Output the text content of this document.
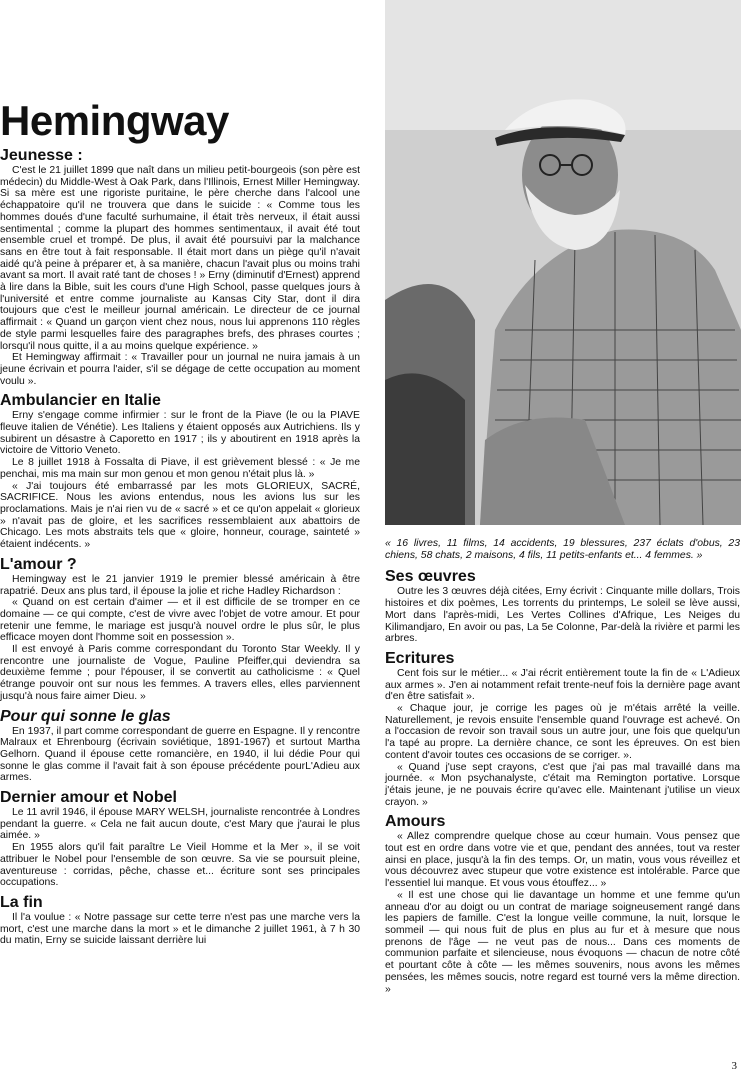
Hemingway
Jeunesse :

C'est le 21 juillet 1899 que naît dans un milieu petit-bourgeois (son père est médecin) du Middle-West à Oak Park, dans l'Illinois, Ernest Miller Hemingway. Si sa mère est une rigoriste puritaine, le père cherche dans l'alcool une échappatoire qu'il ne trouvera que dans le suicide : « Comme tous les hommes doués d'une faculté surhumaine, il était très nerveux, il était aussi sentimental ; comme la plupart des hommes sentimentaux, il avait été tout ensemble cruel et trompé. De plus, il avait été poursuivi par la malchance sans en être tout à fait responsable. Il était mort dans un piège qu'il n'avait aidé qu'à peine à préparer et, à sa manière, chacun l'avait plus ou moins trahi avant sa mort. Il avait raté tant de choses ! » Erny (diminutif d'Ernest) apprend à lire dans la Bible, suit les cours d'une High School, passe quelques jours à l'université et entre comme journaliste au Kansas City Star, dont il dira toujours que c'est le meilleur journal américain. Le directeur de ce journal affirmait : « Quand un garçon vient chez nous, nous lui apprenons 110 règles de style parmi lesquelles faire des paragraphes brefs, des phrases courtes ; lorsqu'il nous quitte, il a au moins quelque expérience. »

Et Hemingway affirmait : « Travailler pour un journal ne nuira jamais à un jeune écrivain et pourra l'aider, s'il se dégage de cette occupation au moment voulu ».

Ambulancier en Italie

Erny s'engage comme infirmier : sur le front de la Piave (le ou la PIAVE fleuve italien de Vénétie). Les Italiens y étaient opposés aux Autrichiens. Ils y subirent un désastre à Caporetto en 1917 ; ils y aboutirent en 1918 après la victoire de Vittorio Veneto.

Le 8 juillet 1918 à Fossalta di Piave, il est grièvement blessé : « Je me penchai, mis ma main sur mon genou et mon genou n'était plus là. »

« J'ai toujours été embarrassé par les mots GLORIEUX, SACRÉ, SACRIFICE. Nous les avions entendus, nous les avions lus sur les proclamations. Mais je n'ai rien vu de « sacré » et ce qu'on appelait « glorieux » n'avait pas de gloire, et les sacrifices ressemblaient aux abattoirs de Chicago. Les mots abstraits tels que « gloire, honneur, courage, sainteté » étaient indécents. »

L'amour ?

Hemingway est le 21 janvier 1919 le premier blessé américain à être rapatrié. Deux ans plus tard, il épouse la jolie et riche Hadley Richardson :

« Quand on est certain d'aimer — et il est difficile de se tromper en ce domaine — ce qui compte, c'est de vivre avec l'objet de votre amour. Et pour retenir une femme, le mariage est jusqu'à nouvel ordre le plus sûr, le plus efficace moyen dont l'homme soit en possession ».

Il est envoyé à Paris comme correspondant du Toronto Star Weekly. Il y rencontre une journaliste de Vogue, Pauline Pfeiffer,qui deviendra sa deuxième femme ; pour l'épouser, il se convertit au catholicisme : « Quel étrange pouvoir ont sur nous les femmes. A travers elles, elles parviennent jusqu'à nous faire aimer Dieu. »

Pour qui sonne le glas

En 1937, il part comme correspondant de guerre en Espagne. Il y rencontre Malraux et Ehrenbourg (écrivain soviétique, 1891-1967) et surtout Martha Gelhorn. Quand il épouse cette romancière, en 1940, il lui dédie Pour qui sonne le glas comme il l'avait fait à son épouse précédente pourL'Adieu aux armes.

Dernier amour et Nobel

Le 11 avril 1946, il épouse MARY WELSH, journaliste rencontrée à Londres pendant la guerre. « Cela ne fait aucun doute, c'est Mary que j'aurai le plus aimée. »

En 1955 alors qu'il fait paraître Le Vieil Homme et la Mer », il se voit attribuer le Nobel pour l'ensemble de son œuvre. Sa vie se poursuit pleine, aventureuse : corridas, pêche, chasse et... écriture sont ses principales occupations.

La fin

Il l'a voulue : « Notre passage sur cette terre n'est pas une marche vers la mort, c'est une marche dans la mort » et le dimanche 2 juillet 1961, à 7 h 30 du matin, Erny se suicide laissant derrière lui

« 16 livres, 11 films, 14 accidents, 19 blessures, 237 éclats d'obus, 23 chiens, 58 chats, 2 maisons, 4 fils, 11 petits-enfants et... 4 femmes. »
Ses œuvres

Outre les 3 œuvres déjà citées, Erny écrivit : Cinquante mille dollars, Trois histoires et dix poèmes, Les torrents du printemps, Le soleil se lève aussi, Mort dans l'après-midi, Les Vertes Collines d'Afrique, Les Neiges du Kilimandjaro, En avoir ou pas, La 5e Colonne, Par-delà la rivière et parmi les arbres.

Ecritures

Cent fois sur le métier... « J'ai récrit entièrement toute la fin de « L'Adieux aux armes ». J'en ai notamment refait trente-neuf fois la dernière page avant d'en être satisfait ».

« Chaque jour, je corrige les pages où je m'étais arrêté la veille. Naturellement, je revois ensuite l'ensemble quand l'ouvrage est achevé. On a l'occasion de revoir son travail sous un autre jour, une fois que quelqu'un l'a tapé au propre. La dernière chance, ce sont les épreuves. On est bien content d'avoir toutes ces occasions de se corriger. ».

« Quand j'use sept crayons, c'est que j'ai pas mal travaillé dans ma journée. « Mon psychanalyste, c'était ma Remington portative. Lorsque j'étais jeune, je ne pouvais écrire qu'avec elle. Maintenant j'utilise un vieux crayon. »

Amours

« Allez comprendre quelque chose au cœur humain. Vous pensez que tout est en ordre dans votre vie et que, pendant des années, tout va rester ainsi en place, jusqu'à la fin des temps. Or, un matin, vous vous réveillez et vous découvrez avec stupeur que votre existence est intolérable. Parce que l'essentiel lui manque. Et vous vous étouffez... »

« Il est une chose qui lie davantage un homme et une femme qu'un anneau d'or au doigt ou un contrat de mariage soigneusement rangé dans les papiers de famille. C'est la longue veille commune, la nuit, lorsque le sommeil — qui nous fuit de plus en plus au fur et à mesure que nous prenons de l'âge — ne veut pas de nous... Dans ces moments de communion parfaite et silencieuse, nous évoquons — chacun de notre côté et pourtant côte à côte — les mêmes souvenirs, nous avons les mêmes pensées, les mêmes soucis, notre regard est tourné vers la même direction. »

3
